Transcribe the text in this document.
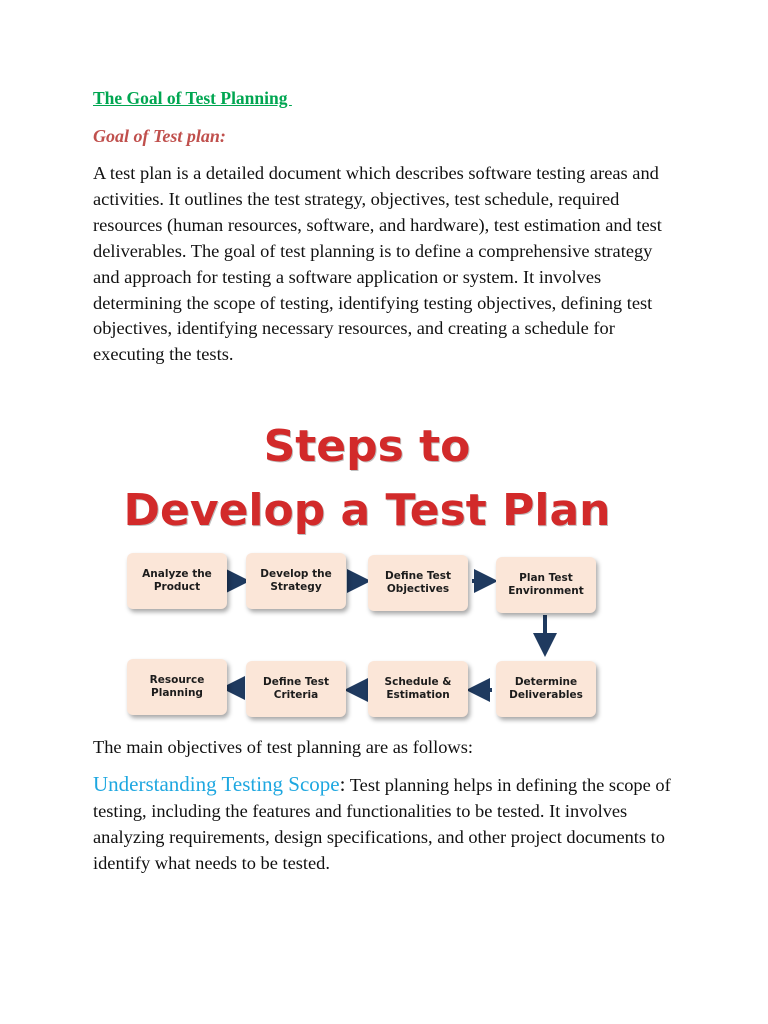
The Goal of Test Planning
Goal of Test plan:

A test plan is a detailed document which describes software testing areas and activities. It outlines the test strategy, objectives, test schedule, required resources (human resources, software, and hardware), test estimation and test deliverables. The goal of test planning is to define a comprehensive strategy and approach for testing a software application or system. It involves determining the scope of testing, identifying testing objectives, defining test objectives, identifying necessary resources, and creating a schedule for executing the tests.

The main objectives of test planning are as follows:

Understanding Testing Scope: Test planning helps in defining the scope of testing, including the features and functionalities to be tested. It involves analyzing requirements, design specifications, and other project documents to identify what needs to be tested.

Steps to
Develop a Test Plan
Analyze the Product
Develop the Strategy
Define Test Objectives
Plan Test Environment
Determine Deliverables
Schedule & Estimation
Define Test Criteria
Resource Planning
